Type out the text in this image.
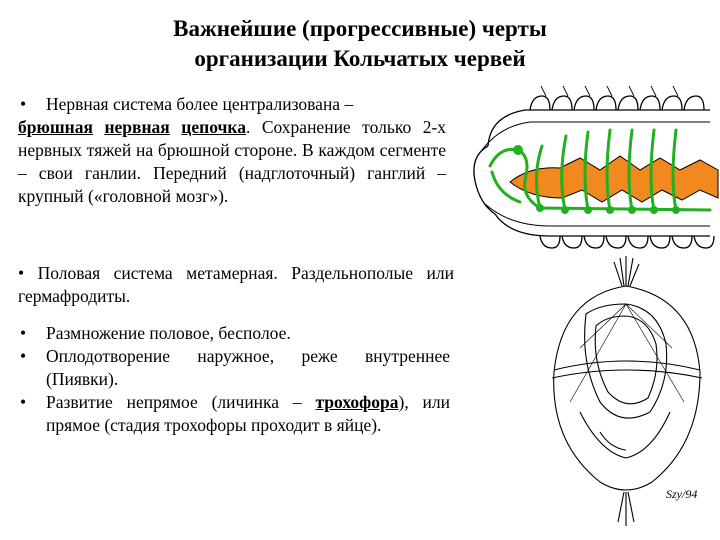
Важнейшие (прогрессивные) черты
организации Кольчатых червей
• Нервная система более централизована –

брюшная нервная цепочка. Сохранение только 2-х нервных тяжей на брюшной стороне. В каждом сегменте – свои ганлии. Передний (надглоточный) ганглий – крупный («головной мозг»).

• Половая система метамерная. Раздельнополые или гермафродиты.
• Размножение половое, бесполое.
• Оплодотворение наружное, реже внутреннее (Пиявки).
• Развитие непрямое (личинка – трохофора), или прямое (стадия трохофоры проходит в яйце).
Szy/94
